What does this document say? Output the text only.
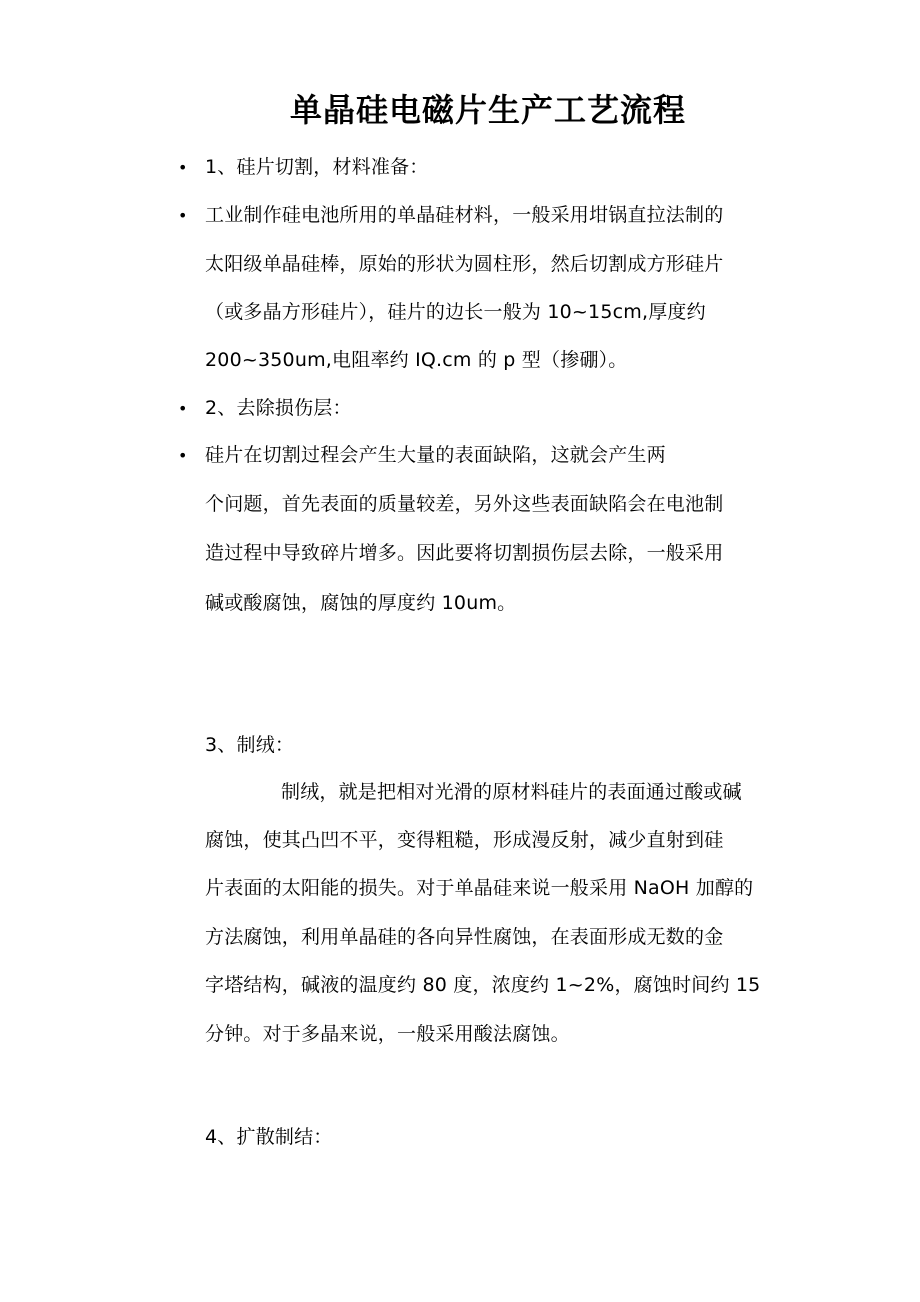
单晶硅电磁片生产工艺流程
• 1、硅片切割，材料准备：
• 工业制作硅电池所用的单晶硅材料，一般采用坩锅直拉法制的
太阳级单晶硅棒，原始的形状为圆柱形，然后切割成方形硅片
（或多晶方形硅片），硅片的边长一般为 10~15cm,厚度约
200~350um,电阻率约 IQ.cm 的 p 型（掺硼）。
• 2、去除损伤层：
• 硅片在切割过程会产生大量的表面缺陷，这就会产生两
个问题，首先表面的质量较差，另外这些表面缺陷会在电池制
造过程中导致碎片增多。因此要将切割损伤层去除，一般采用
碱或酸腐蚀，腐蚀的厚度约 10um。
3、制绒：
制绒，就是把相对光滑的原材料硅片的表面通过酸或碱
腐蚀，使其凸凹不平，变得粗糙，形成漫反射，减少直射到硅
片表面的太阳能的损失。对于单晶硅来说一般采用 NaOH 加醇的
方法腐蚀，利用单晶硅的各向异性腐蚀，在表面形成无数的金
字塔结构，碱液的温度约 80 度，浓度约 1~2%，腐蚀时间约 15
分钟。对于多晶来说，一般采用酸法腐蚀。
4、扩散制结：
